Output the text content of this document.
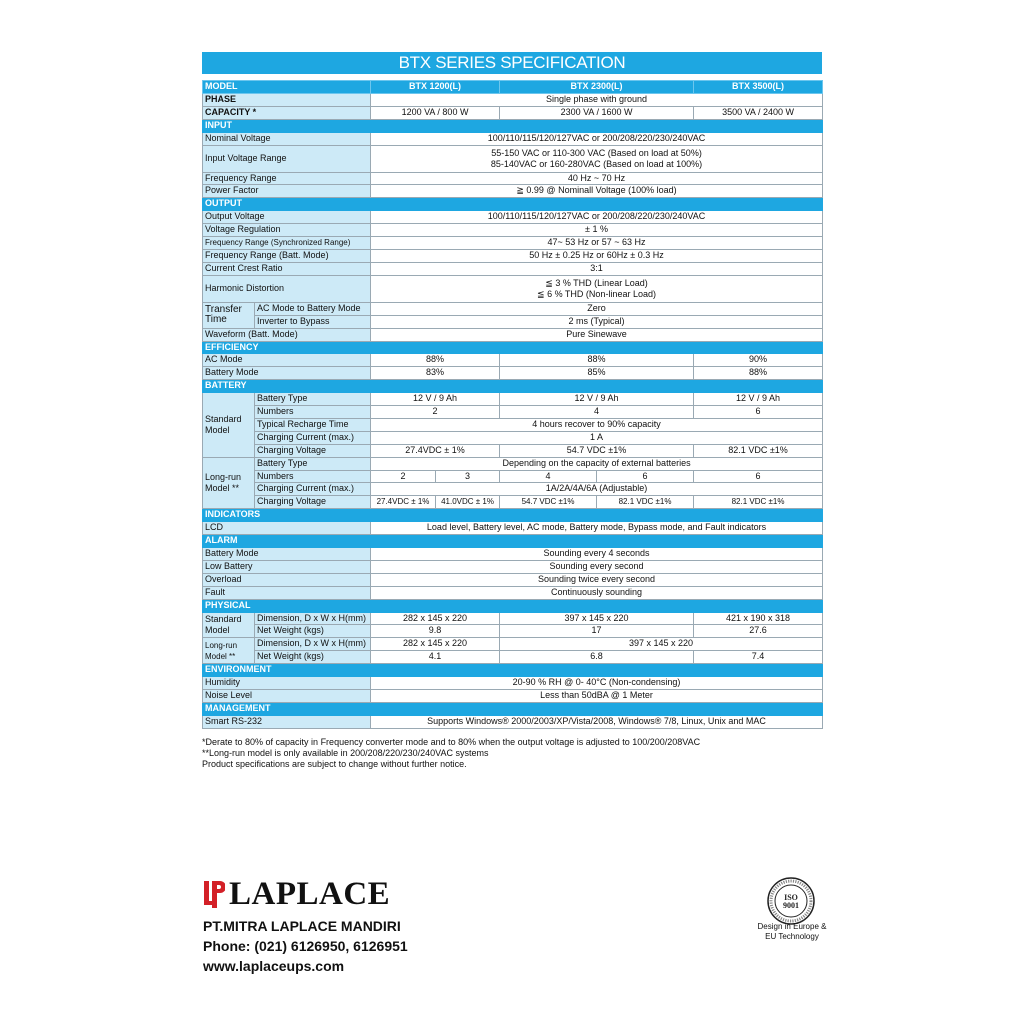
BTX SERIES SPECIFICATION
MODEL		BTX 1200(L)		BTX 2300(L)		BTX 3500(L)
PHASE		Single phase with ground				
CAPACITY *		1200 VA / 800 W		2300 VA / 1600 W		3500 VA / 2400 W
INPUT						
Nominal Voltage		100/110/115/120/127VAC or 200/208/220/230/240VAC				
Input Voltage Range		55-150 VAC or 110-300 VAC (Based on load at 50%)
85-140VAC or 160-280VAC (Based on load at 100%)				

Frequency Range		40 Hz ~ 70 Hz				
Power Factor		≧ 0.99 @ Nominall Voltage (100% load)				
OUTPUT						
Output Voltage		100/110/115/120/127VAC or 200/208/220/230/240VAC				
Voltage Regulation		± 1 %				
Frequency Range (Synchronized Range)		47~ 53 Hz or 57 ~ 63 Hz				
Frequency Range (Batt. Mode)		50 Hz ± 0.25 Hz or 60Hz ± 0.3 Hz				
Current Crest Ratio		3:1				
Harmonic Distortion		≦ 3 % THD (Linear Load)
≦ 6 % THD (Non-linear Load)				

Transfer
Time	AC Mode to Battery Mode	Zero				
	Inverter to Bypass	2 ms (Typical)				
Waveform (Batt. Mode)		Pure Sinewave				
EFFICIENCY						
AC Mode		88%		88%		90%
Battery Mode		83%		85%		88%
BATTERY						

Standard
Model	Battery Type	12 V / 9 Ah		12 V / 9 Ah		12 V / 9 Ah
	Numbers	2		4		6
	Typical Recharge Time	4 hours recover to 90% capacity				
	Charging Current (max.)	1 A				
	Charging Voltage	27.4VDC ± 1%		54.7 VDC ±1%		82.1 VDC ±1%

Long-run
Model **	Battery Type	Depending on the capacity of external batteries				
	Numbers	2	3	4	6	6
	Charging Current (max.)	1A/2A/4A/6A (Adjustable)				
	Charging Voltage	27.4VDC ± 1%	41.0VDC ± 1%	54.7 VDC ±1%	82.1 VDC ±1%	82.1 VDC ±1%
INDICATORS						
LCD		Load level, Battery level, AC mode, Battery mode, Bypass mode, and Fault indicators				
ALARM						
Battery Mode		Sounding every 4 seconds				
Low Battery		Sounding every second				
Overload		Sounding twice every second				
Fault		Continuously sounding				
PHYSICAL						

Standard
Model	Dimension, D x W x H(mm)	282 x 145 x 220		397 x 145 x 220		421 x 190 x 318
	Net Weight (kgs)	9.8		17		27.6

Long-run
Model **	Dimension, D x W x H(mm)	282 x 145 x 220		397 x 145 x 220		
	Net Weight (kgs)	4.1		6.8		7.4
ENVIRONMENT						
Humidity		20-90 % RH @ 0- 40°C (Non-condensing)				
Noise Level		Less than 50dBA @ 1 Meter				
MANAGEMENT						
Smart RS-232		Supports Windows® 2000/2003/XP/Vista/2008, Windows® 7/8, Linux, Unix and MAC				
*Derate to 80% of capacity in Frequency converter mode and to 80% when the output voltage is adjusted to 100/200/208VAC
**Long-run model is only available in 200/208/220/230/240VAC systems
Product specifications are subject to change without further notice.
LAPLACE
PT.MITRA LAPLACE MANDIRI
Phone: (021) 6126950, 6126951
www.laplaceups.com
ISO
9001
Design in Europe &
EU Technology
